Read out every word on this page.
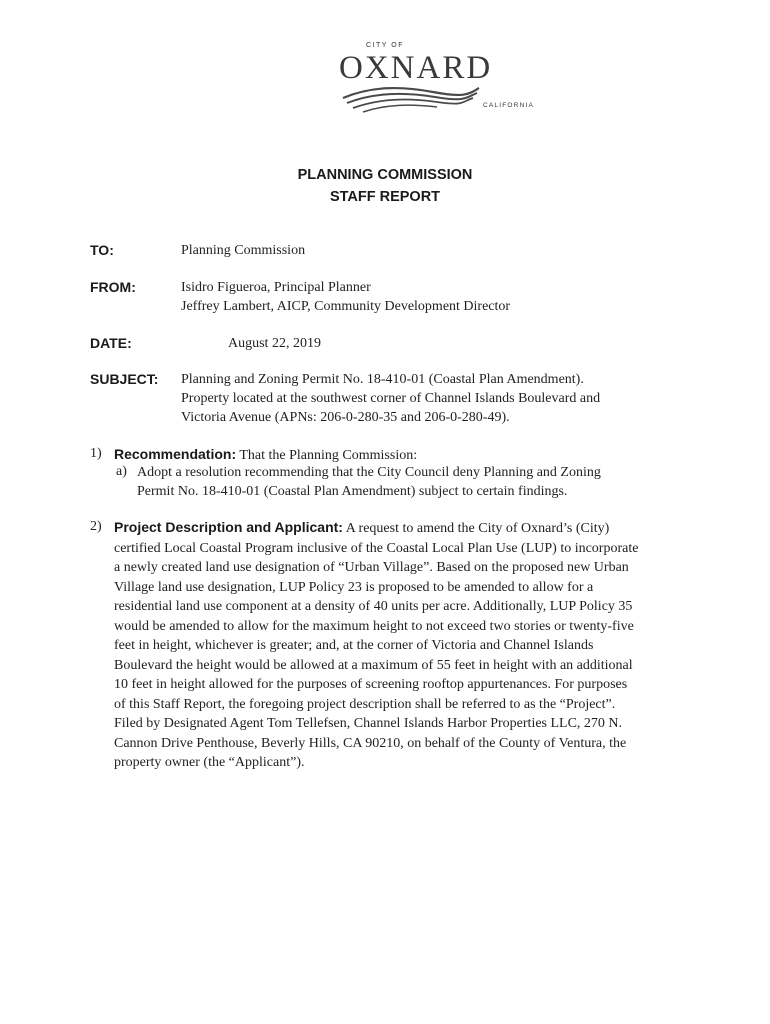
CITY OF
OXNARD
CALIFORNIA
PLANNING COMMISSION
STAFF REPORT
TO:	Planning Commission
FROM:	Isidro Figueroa, Principal Planner
Jeffrey Lambert, AICP, Community Development Director
DATE:	August 22, 2019
SUBJECT: Planning and Zoning Permit No. 18-410-01 (Coastal Plan Amendment).
Property located at the southwest corner of Channel Islands Boulevard and
Victoria Avenue (APNs: 206-0-280-35 and 206-0-280-49).
1) Recommendation: That the Planning Commission:
a) Adopt a resolution recommending that the City Council deny Planning and Zoning
Permit No. 18-410-01 (Coastal Plan Amendment) subject to certain findings.
2) Project Description and Applicant: A request to amend the City of Oxnard’s (City)
certified Local Coastal Program inclusive of the Coastal Local Plan Use (LUP) to incorporate
a newly created land use designation of “Urban Village”. Based on the proposed new Urban
Village land use designation, LUP Policy 23 is proposed to be amended to allow for a
residential land use component at a density of 40 units per acre. Additionally, LUP Policy 35
would be amended to allow for the maximum height to not exceed two stories or twenty-five
feet in height, whichever is greater; and, at the corner of Victoria and Channel Islands
Boulevard the height would be allowed at a maximum of 55 feet in height with an additional
10 feet in height allowed for the purposes of screening rooftop appurtenances. For purposes
of this Staff Report, the foregoing project description shall be referred to as the “Project”.
Filed by Designated Agent Tom Tellefsen, Channel Islands Harbor Properties LLC, 270 N.
Cannon Drive Penthouse, Beverly Hills, CA 90210, on behalf of the County of Ventura, the
property owner (the “Applicant”).
